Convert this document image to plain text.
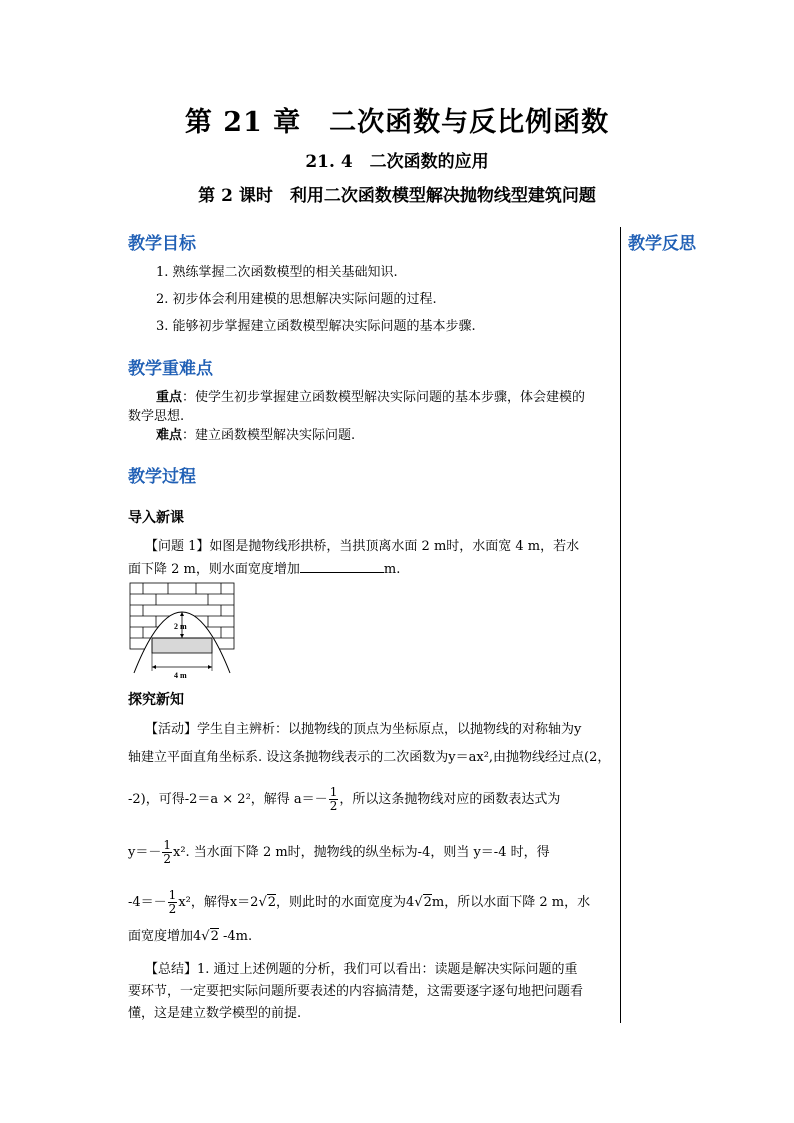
第 21 章　二次函数与反比例函数
21. 4　二次函数的应用
第 2 课时　利用二次函数模型解决抛物线型建筑问题
教学目标	教学反思
1. 熟练掌握二次函数模型的相关基础知识.
2. 初步体会利用建模的思想解决实际问题的过程.
3. 能够初步掌握建立函数模型解决实际问题的基本步骤.
教学重难点
重点：使学生初步掌握建立函数模型解决实际问题的基本步骤，体会建模的
数学思想.
难点：建立函数模型解决实际问题.
教学过程
导入新课
【问题 1】如图是抛物线形拱桥，当拱顶离水面 2 m时，水面宽 4 m，若水
面下降 2 m，则水面宽度增加	m.
2 m
4 m
探究新知
【活动】学生自主辨析：以抛物线的顶点为坐标原点，以抛物线的对称轴为y
轴建立平面直角坐标系. 设这条抛物线表示的二次函数为y＝ax²,由抛物线经过点(2，
-2)，可得-2＝a × 2²，解得 $a=- \frac{1}{2}$ ，所以这条抛物线对应的函数表达式为
$y=- \frac{1}{2} x^2$. 当水面下降 2 m时，抛物线的纵坐标为-4，则当 y＝-4 时，得
$-4=- \frac{1}{2} x^2$，解得x＝2√2，则此时的水面宽度为4√2m，所以水面下降 2 m，水
面宽度增加4√2 -4m.
【总结】1. 通过上述例题的分析，我们可以看出：读题是解决实际问题的重
要环节，一定要把实际问题所要表述的内容搞清楚，这需要逐字逐句地把问题看
懂，这是建立数学模型的前提.
